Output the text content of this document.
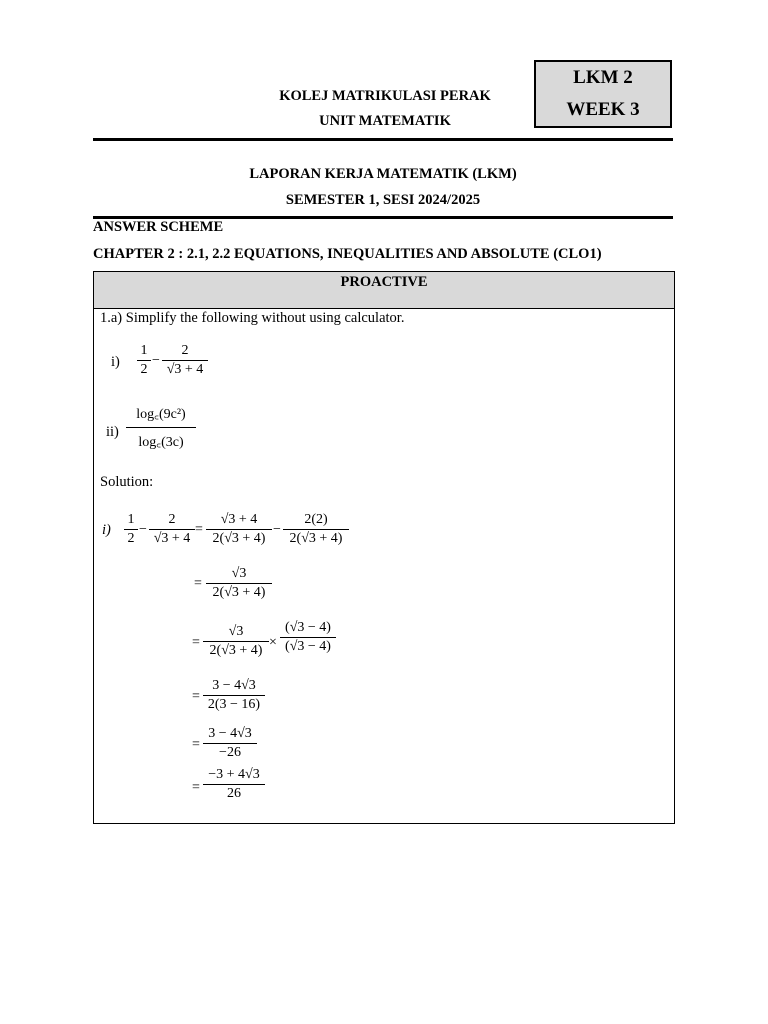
KOLEJ MATRIKULASI PERAK
UNIT MATEMATIK
LKM 2
WEEK 3
LAPORAN KERJA MATEMATIK (LKM)
SEMESTER 1, SESI 2024/2025
ANSWER SCHEME
CHAPTER 2 : 2.1, 2.2 EQUATIONS, INEQUALITIES AND ABSOLUTE (CLO1)
PROACTIVE
1.a) Simplify the following without using calculator.
i)
1
2
−
2
√3 + 4
ii)
log꜀(9c²)
log꜀(3c)
Solution:
i)
1
2
−
2
√3 + 4
=
√3 + 4
2(√3 + 4)
−
2(2)
2(√3 + 4)
=
√3
2(√3 + 4)
=
√3
2(√3 + 4)
×
(√3 − 4)
(√3 − 4)
=
3 − 4√3
2(3 − 16)
=
3 − 4√3
−26
=
−3 + 4√3
26
